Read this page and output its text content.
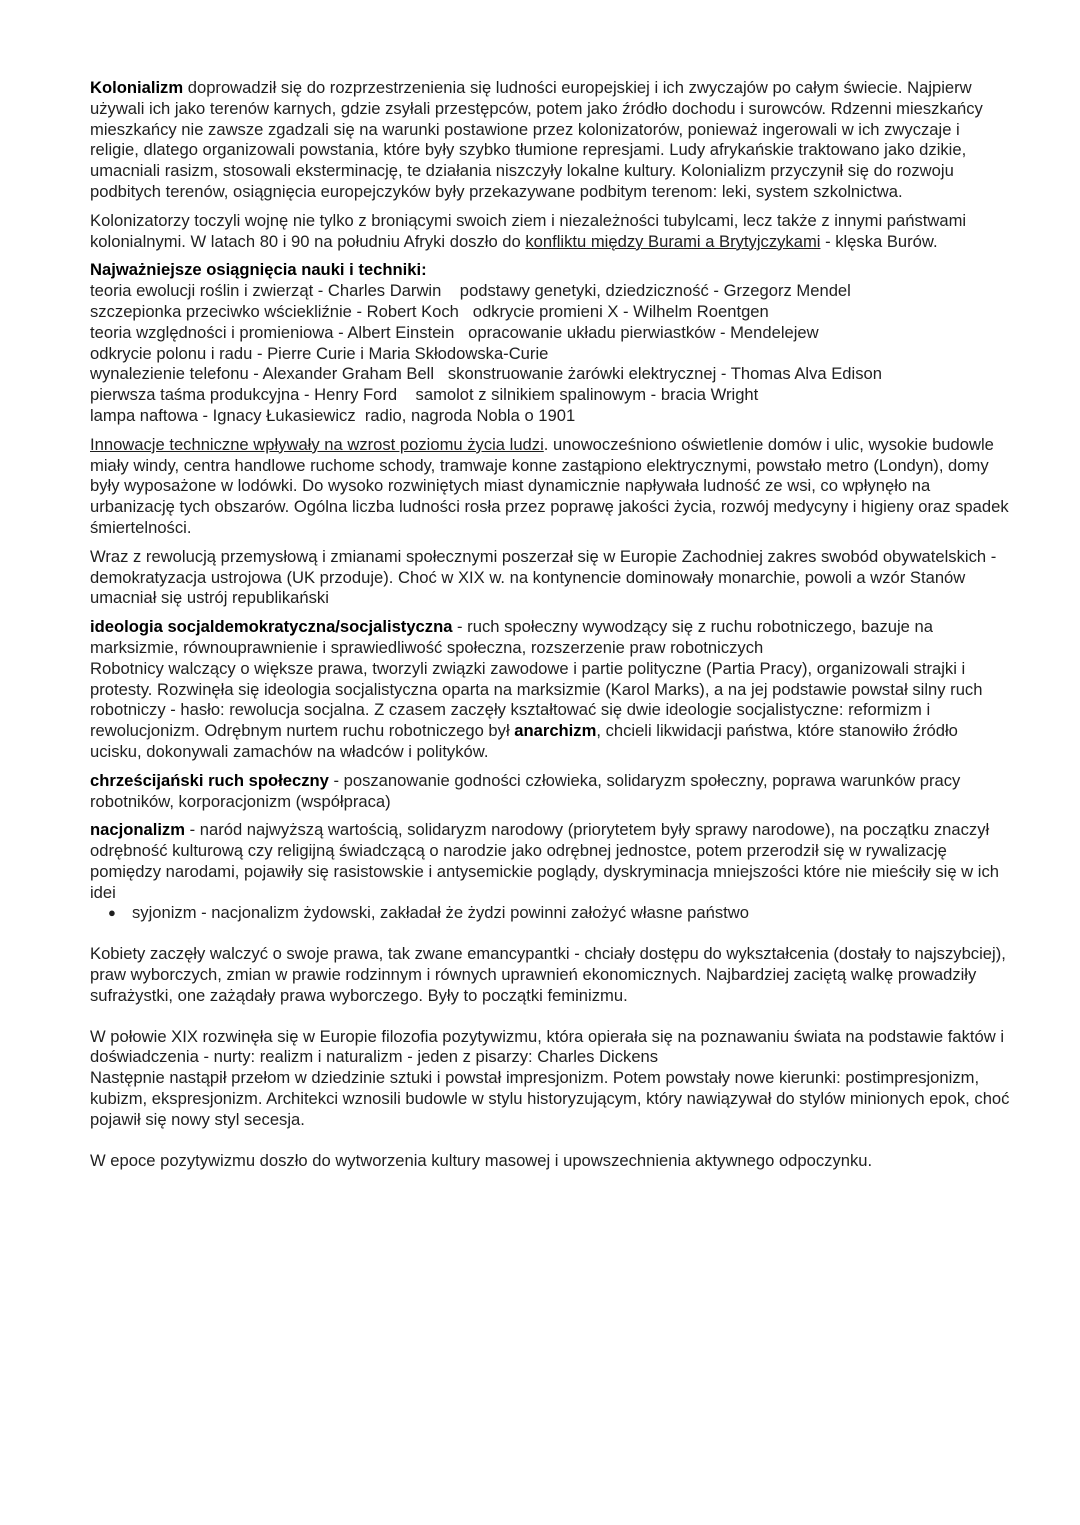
Kolonializm doprowadził się do rozprzestrzenienia się ludności europejskiej i ich zwyczajów po całym świecie. Najpierw używali ich jako terenów karnych, gdzie zsyłali przestępców, potem jako źródło dochodu i surowców. Rdzenni mieszkańcy mieszkańcy nie zawsze zgadzali się na warunki postawione przez kolonizatorów, ponieważ ingerowali w ich zwyczaje i religie, dlatego organizowali powstania, które były szybko tłumione represjami. Ludy afrykańskie traktowano jako dzikie, umacniali rasizm, stosowali eksterminację, te działania niszczyły lokalne kultury. Kolonializm przyczynił się do rozwoju podbitych terenów, osiągnięcia europejczyków były przekazywane podbitym terenom: leki, system szkolnictwa.

Kolonizatorzy toczyli wojnę nie tylko z broniącymi swoich ziem i niezależności tubylcami, lecz także z innymi państwami kolonialnymi. W latach 80 i 90 na południu Afryki doszło do konfliktu między Burami a Brytyjczykami - klęska Burów.

Najważniejsze osiągnięcia nauki i techniki:
teoria ewolucji roślin i zwierząt - Charles Darwin    podstawy genetyki, dziedziczność - Grzegorz Mendel
szczepionka przeciwko wściekliźnie - Robert Koch   odkrycie promieni X - Wilhelm Roentgen
teoria względności i promieniowa - Albert Einstein   opracowanie układu pierwiastków - Mendelejew
odkrycie polonu i radu - Pierre Curie i Maria Skłodowska-Curie
wynalezienie telefonu - Alexander Graham Bell   skonstruowanie żarówki elektrycznej - Thomas Alva Edison
pierwsza taśma produkcyjna - Henry Ford    samolot z silnikiem spalinowym - bracia Wright
lampa naftowa - Ignacy Łukasiewicz  radio, nagroda Nobla o 1901

Innowacje techniczne wpływały na wzrost poziomu życia ludzi. unowocześniono oświetlenie domów i ulic, wysokie budowle miały windy, centra handlowe ruchome schody, tramwaje konne zastąpiono elektrycznymi, powstało metro (Londyn), domy były wyposażone w lodówki. Do wysoko rozwiniętych miast dynamicznie napływała ludność ze wsi, co wpłynęło na urbanizację tych obszarów. Ogólna liczba ludności rosła przez poprawę jakości życia, rozwój medycyny i higieny oraz spadek śmiertelności.

Wraz z rewolucją przemysłową i zmianami społecznymi poszerzał się w Europie Zachodniej zakres swobód obywatelskich - demokratyzacja ustrojowa (UK przoduje). Choć w XIX w. na kontynencie dominowały monarchie, powoli a wzór Stanów umacniał się ustrój republikański

ideologia socjaldemokratyczna/socjalistyczna - ruch społeczny wywodzący się z ruchu robotniczego, bazuje na marksizmie, równouprawnienie i sprawiedliwość społeczna, rozszerzenie praw robotniczych
Robotnicy walczący o większe prawa, tworzyli związki zawodowe i partie polityczne (Partia Pracy), organizowali strajki i protesty. Rozwinęła się ideologia socjalistyczna oparta na marksizmie (Karol Marks), a na jej podstawie powstał silny ruch robotniczy - hasło: rewolucja socjalna. Z czasem zaczęły kształtować się dwie ideologie socjalistyczne: reformizm i rewolucjonizm. Odrębnym nurtem ruchu robotniczego był anarchizm, chcieli likwidacji państwa, które stanowiło źródło ucisku, dokonywali zamachów na władców i polityków.

chrześcijański ruch społeczny - poszanowanie godności człowieka, solidaryzm społeczny, poprawa warunków pracy robotników, korporacjonizm (współpraca)

nacjonalizm - naród najwyższą wartością, solidaryzm narodowy (priorytetem były sprawy narodowe), na początku znaczył odrębność kulturową czy religijną świadczącą o narodzie jako odrębnej jednostce, potem przerodził się w rywalizację pomiędzy narodami, pojawiły się rasistowskie i antysemickie poglądy, dyskryminacja mniejszości które nie mieściły się w ich idei
● syjonizm - nacjonalizm żydowski, zakładał że żydzi powinni założyć własne państwo

Kobiety zaczęły walczyć o swoje prawa, tak zwane emancypantki - chciały dostępu do wykształcenia (dostały to najszybciej), praw wyborczych, zmian w prawie rodzinnym i równych uprawnień ekonomicznych. Najbardziej zaciętą walkę prowadziły sufrażystki, one zażądały prawa wyborczego. Były to początki feminizmu.

W połowie XIX rozwinęła się w Europie filozofia pozytywizmu, która opierała się na poznawaniu świata na podstawie faktów i doświadczenia - nurty: realizm i naturalizm - jeden z pisarzy: Charles Dickens
Następnie nastąpił przełom w dziedzinie sztuki i powstał impresjonizm. Potem powstały nowe kierunki: postimpresjonizm, kubizm, ekspresjonizm. Architekci wznosili budowle w stylu historyzującym, który nawiązywał do stylów minionych epok, choć pojawił się nowy styl secesja.

W epoce pozytywizmu doszło do wytworzenia kultury masowej i upowszechnienia aktywnego odpoczynku.
